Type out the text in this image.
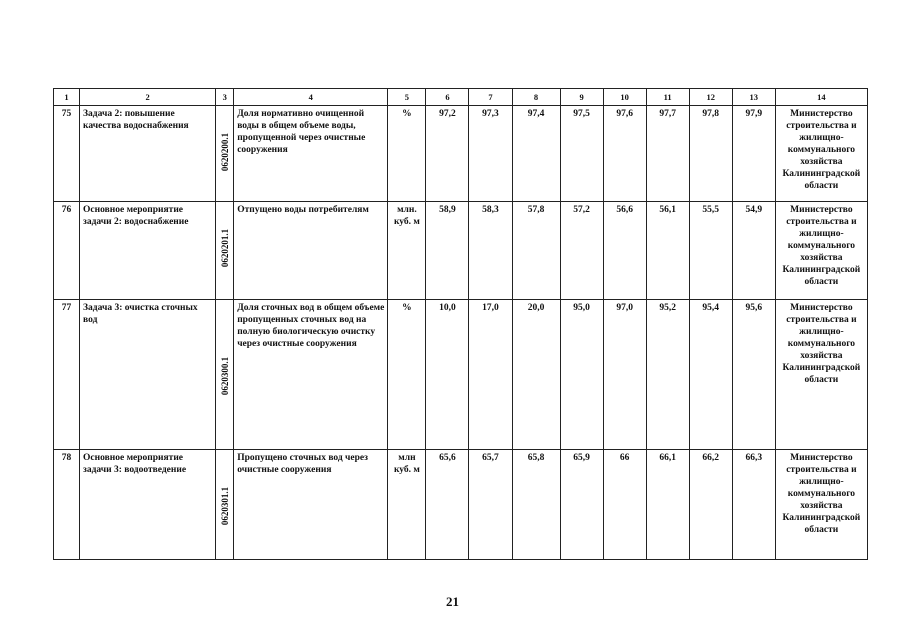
1	2	3	4	5	6	7	8	9	10	11	12	13	14
75	Задача 2: повышение качества водоснабжения	0620200.1	Доля нормативно очищенной воды в общем объеме воды, пропущенной через очистные сооружения	%	97,2	97,3	97,4	97,5	97,6	97,7	97,8	97,9	Министерство строительства и жилищно-коммунального хозяйства Калининградской области
76	Основное мероприятие задачи 2: водоснабжение	0620201.1	Отпущено воды потребителям	млн. куб. м	58,9	58,3	57,8	57,2	56,6	56,1	55,5	54,9	Министерство строительства и жилищно-коммунального хозяйства Калининградской области
77	Задача 3: очистка сточных вод	0620300.1	Доля сточных вод в общем объеме пропущенных сточных вод на полную биологическую очистку через очистные сооружения	%	10,0	17,0	20,0	95,0	97,0	95,2	95,4	95,6	Министерство строительства и жилищно-коммунального хозяйства Калининградской области
78	Основное мероприятие задачи 3: водоотведение	0620301.1	Пропущено сточных вод через очистные сооружения	млн куб. м	65,6	65,7	65,8	65,9	66	66,1	66,2	66,3	Министерство строительства и жилищно-коммунального хозяйства Калининградской области
21
